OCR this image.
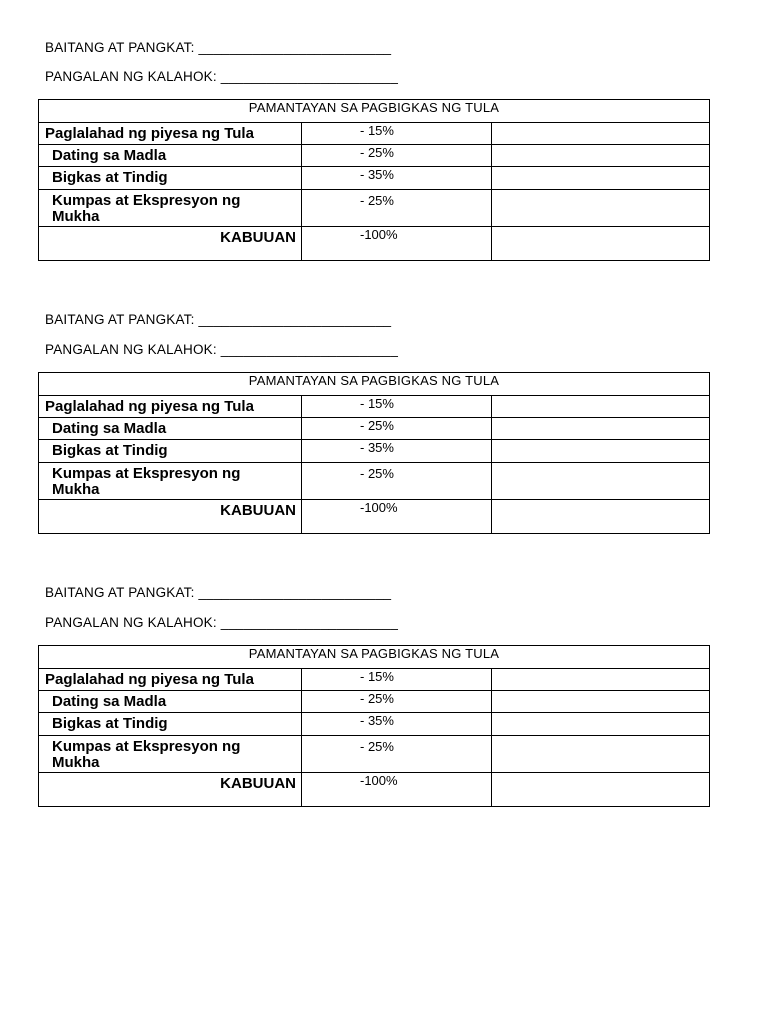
BAITANG AT PANGKAT: _________________________
PANGALAN NG KALAHOK: _______________________
PAMANTAYAN SA PAGBIGKAS NG TULA		

Paglalahad ng piyesa ng Tula	- 15%	

Dating sa Madla	- 25%	

Bigkas at Tindig	- 35%	

Kumpas at Ekspresyon ng Mukha	- 25%	

KABUUAN	-100%	

BAITANG AT PANGKAT: _________________________
PANGALAN NG KALAHOK: _______________________
PAMANTAYAN SA PAGBIGKAS NG TULA		

Paglalahad ng piyesa ng Tula	- 15%	

Dating sa Madla	- 25%	

Bigkas at Tindig	- 35%	

Kumpas at Ekspresyon ng Mukha	- 25%	

KABUUAN	-100%	

BAITANG AT PANGKAT: _________________________
PANGALAN NG KALAHOK: _______________________
PAMANTAYAN SA PAGBIGKAS NG TULA		

Paglalahad ng piyesa ng Tula	- 15%	

Dating sa Madla	- 25%	

Bigkas at Tindig	- 35%	

Kumpas at Ekspresyon ng Mukha	- 25%	

KABUUAN	-100%	
